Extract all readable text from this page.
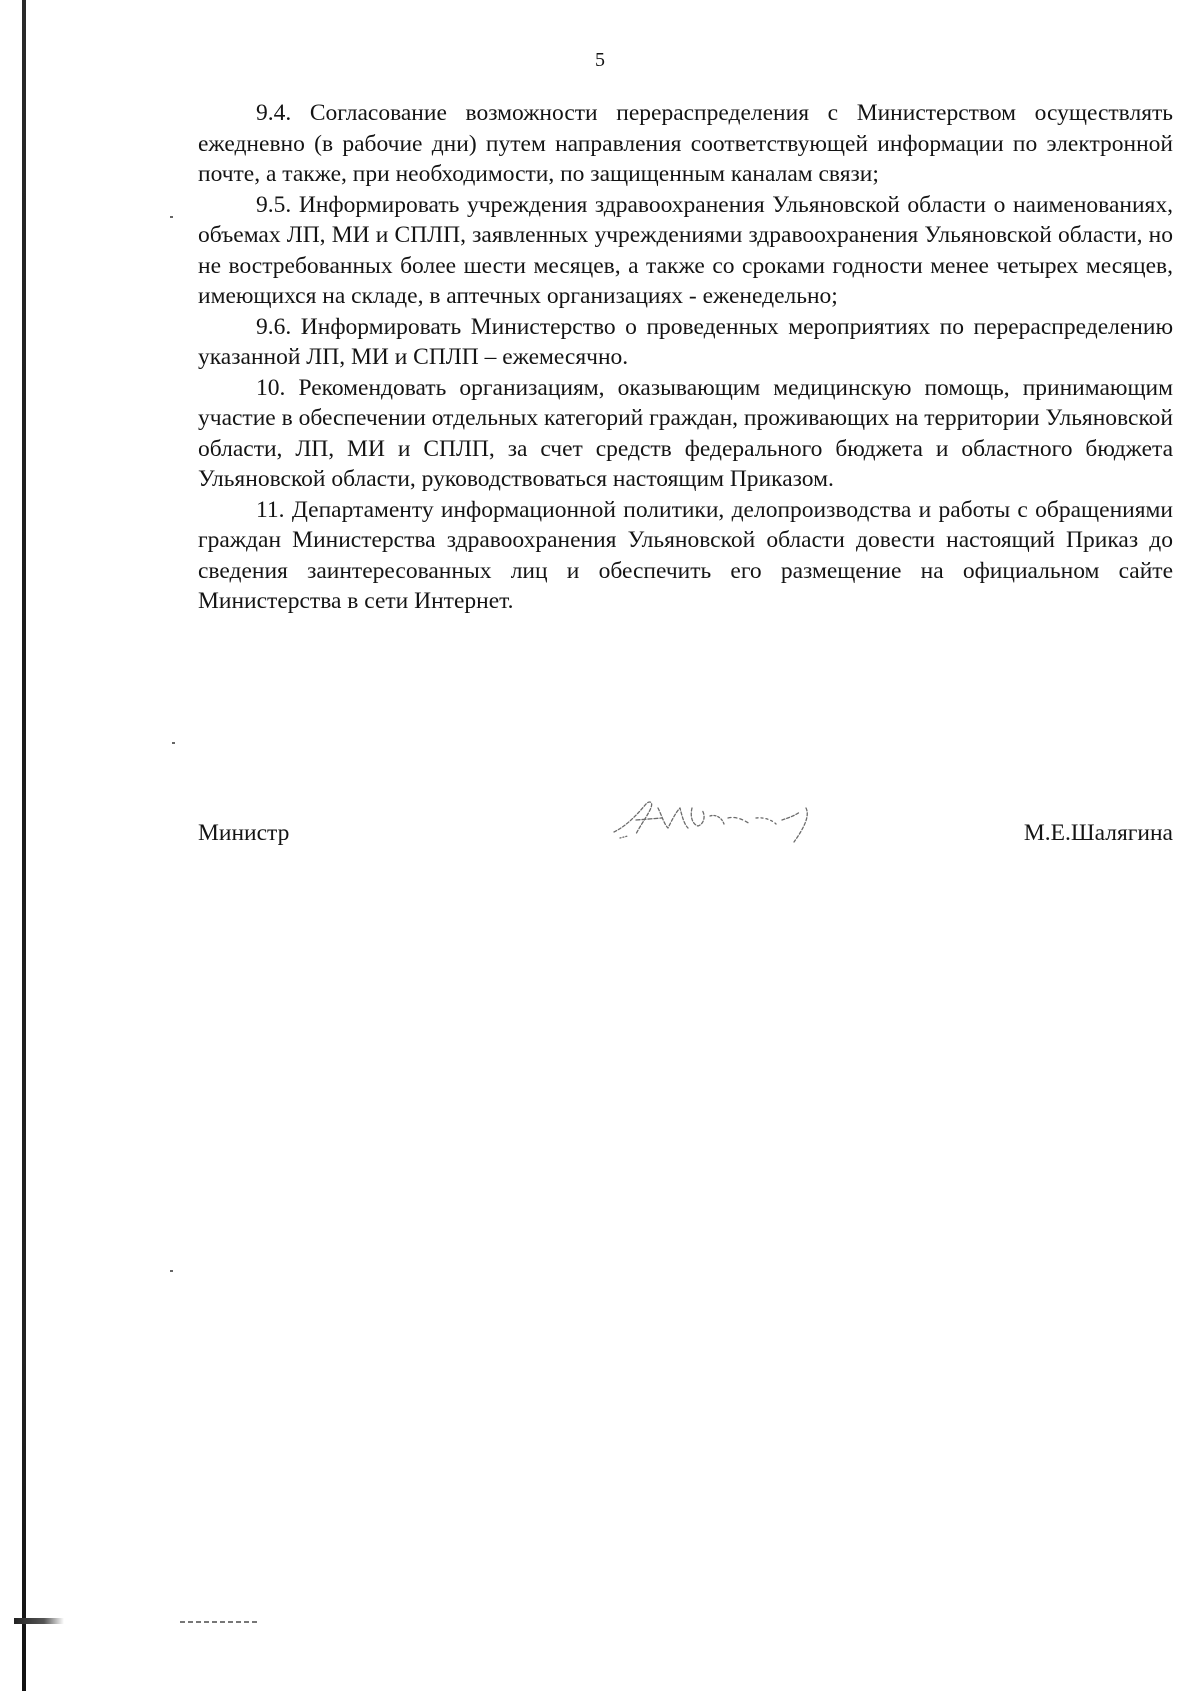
5

9.4. Согласование возможности перераспределения с Министерством осуществлять ежедневно (в рабочие дни) путем направления соответствующей информации по электронной почте, а также, при необходимости, по защищенным каналам связи;

9.5. Информировать учреждения здравоохранения Ульяновской области о наименованиях, объемах ЛП, МИ и СПЛП, заявленных учреждениями здравоохранения Ульяновской области, но не востребованных более шести месяцев, а также со сроками годности менее четырех месяцев, имеющихся на складе, в аптечных организациях - еженедельно;

9.6. Информировать Министерство о проведенных мероприятиях по перераспределению указанной ЛП, МИ и СПЛП – ежемесячно.

10. Рекомендовать организациям, оказывающим медицинскую помощь, принимающим участие в обеспечении отдельных категорий граждан, проживающих на территории Ульяновской области, ЛП, МИ и СПЛП, за счет средств федерального бюджета и областного бюджета Ульяновской области, руководствоваться настоящим Приказом.

11. Департаменту информационной политики, делопроизводства и работы с обращениями граждан Министерства здравоохранения Ульяновской области довести настоящий Приказ до сведения заинтересованных лиц и обеспечить его размещение на официальном сайте Министерства в сети Интернет.

Министр	М.Е.Шалягина
